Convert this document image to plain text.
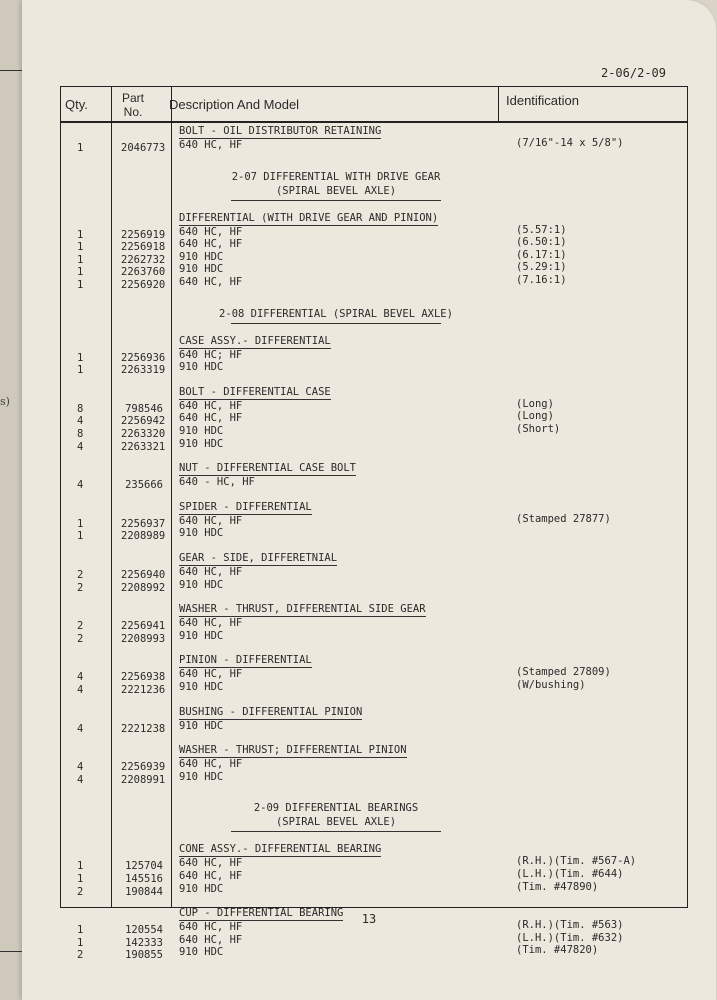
s)
2-06/2-09
Qty.	Part No.	Description And Model	Identification
BOLT - OIL DISTRIBUTOR RETAINING
1	2046773 640 HC, HF	(7/16"-14 x 5/8")
2-07 DIFFERENTIAL WITH DRIVE GEAR
(SPIRAL BEVEL AXLE)
DIFFERENTIAL (WITH DRIVE GEAR AND PINION)
1	2256919 640 HC, HF	(5.57:1)
1	2256918 640 HC, HF	(6.50:1)
1	2262732 910 HDC	(6.17:1)
1	2263760 910 HDC	(5.29:1)
1	2256920 640 HC, HF	(7.16:1)
2-08 DIFFERENTIAL (SPIRAL BEVEL AXLE)
CASE ASSY.- DIFFERENTIAL
1	2256936 640 HC; HF
1	2263319 910 HDC
BOLT - DIFFERENTIAL CASE
8	798546 640 HC, HF	(Long)
4	2256942 640 HC, HF	(Long)
8	2263320 910 HDC	(Short)
4	2263321 910 HDC
NUT - DIFFERENTIAL CASE BOLT
4	235666 640 - HC, HF
SPIDER - DIFFERENTIAL
1	2256937 640 HC, HF	(Stamped 27877)
1	2208989 910 HDC
GEAR - SIDE, DIFFERETNIAL
2	2256940 640 HC, HF
2	2208992 910 HDC
WASHER - THRUST, DIFFERENTIAL SIDE GEAR
2	2256941 640 HC, HF
2	2208993 910 HDC
PINION - DIFFERENTIAL
4	2256938 640 HC, HF	(Stamped 27809)
4	2221236 910 HDC	(W/bushing)
BUSHING - DIFFERENTIAL PINION
4	2221238 910 HDC
WASHER - THRUST; DIFFERENTIAL PINION
4	2256939 640 HC, HF
4	2208991 910 HDC
2-09 DIFFERENTIAL BEARINGS
(SPIRAL BEVEL AXLE)
CONE ASSY.- DIFFERENTIAL BEARING
1	125704 640 HC, HF	(R.H.)(Tim. #567-A)
1	145516 640 HC, HF	(L.H.)(Tim. #644)
2	190844 910 HDC	(Tim. #47890)
CUP - DIFFERENTIAL BEARING
1	120554 640 HC, HF	(R.H.)(Tim. #563)
1	142333 640 HC, HF	(L.H.)(Tim. #632)
2	190855 910 HDC	(Tim. #47820)
13
